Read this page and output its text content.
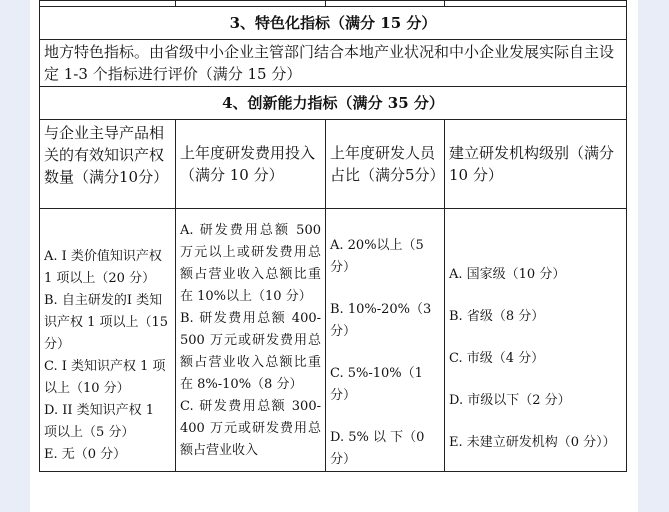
3、特色化指标（满分 15 分）			
地方特色指标。由省级中小企业主管部门结合本地产业状况和中小企业发展实际自主设定 1-3 个指标进行评价（满分 15 分）			
4、创新能力指标（满分 35 分）			
与企业主导产品相关的有效知识产权数量（满分10分）	上年度研发费用投入（满分 10 分）	上年度研发人员占比（满分5分）	建立研发机构级别（满分 10 分）

A. I 类价值知识产权 1 项以上（20 分）
B. 自主研发的I 类知识产权 1 项以上（15 分）
C. I 类知识产权 1 项以上（10 分）
D. II 类知识产权 1 项以上（5 分）
E. 无（0 分）	A. 研发费用总额 500 万元以上或研发费用总额占营业收入总额比重在 10%以上（10 分）
B. 研发费用总额 400-500 万元或研发费用总额占营业收入总额比重在 8%-10%（8 分）
C. 研发费用总额 300-400 万元或研发费用总额占营业收入	A. 20%以上（5 分）
B. 10%-20%（3 分）
C. 5%-10%（1 分）
D. 5% 以 下（0 分）	A. 国家级（10 分）
B. 省级（8 分）
C. 市级（4 分）
D. 市级以下（2 分）
E. 未建立研发机构（0 分））
